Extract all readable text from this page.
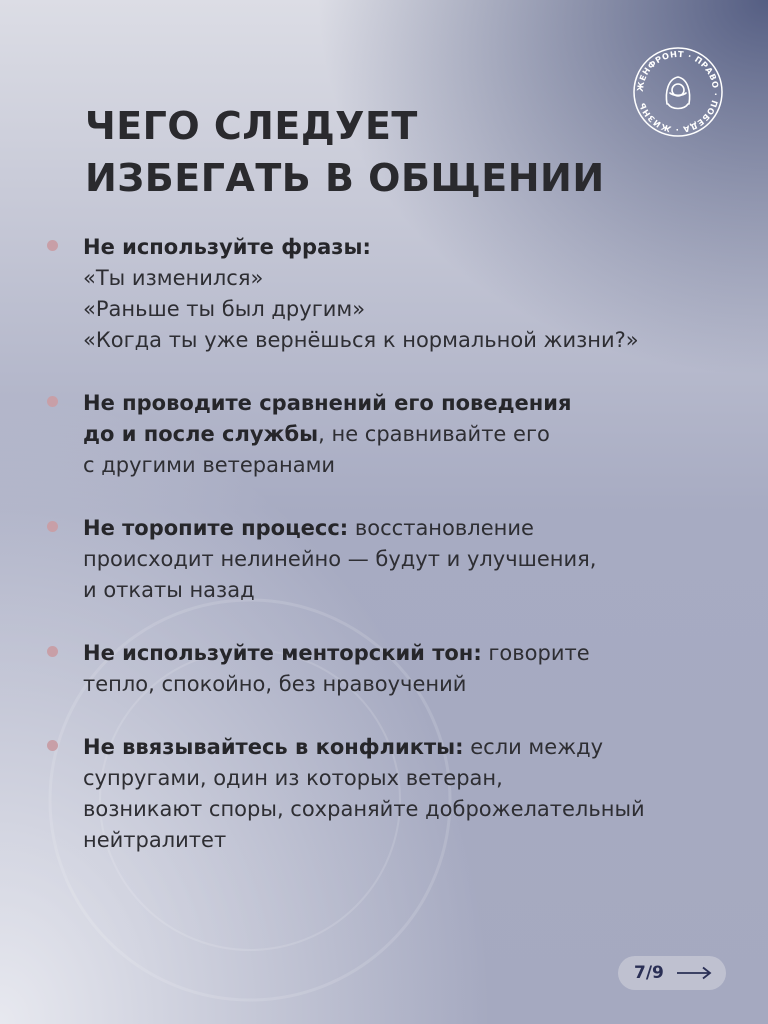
ЖЕНФРОНТ · ПРАВО · ПОБЕДА · ЖИЗНЬ
ЧЕГО СЛЕДУЕТ
ИЗБЕГАТЬ В ОБЩЕНИИ
Не используйте фразы:
«Ты изменился»
«Раньше ты был другим»
«Когда ты уже вернёшься к нормальной жизни?»
Не проводите сравнений его поведения
до и после службы, не сравнивайте его
с другими ветеранами
Не торопите процесс: восстановление
происходит нелинейно — будут и улучшения,
и откаты назад
Не используйте менторский тон: говорите
тепло, спокойно, без нравоучений
Не ввязывайтесь в конфликты: если между
супругами, один из которых ветеран,
возникают споры, сохраняйте доброжелательный
нейтралитет
7/9
